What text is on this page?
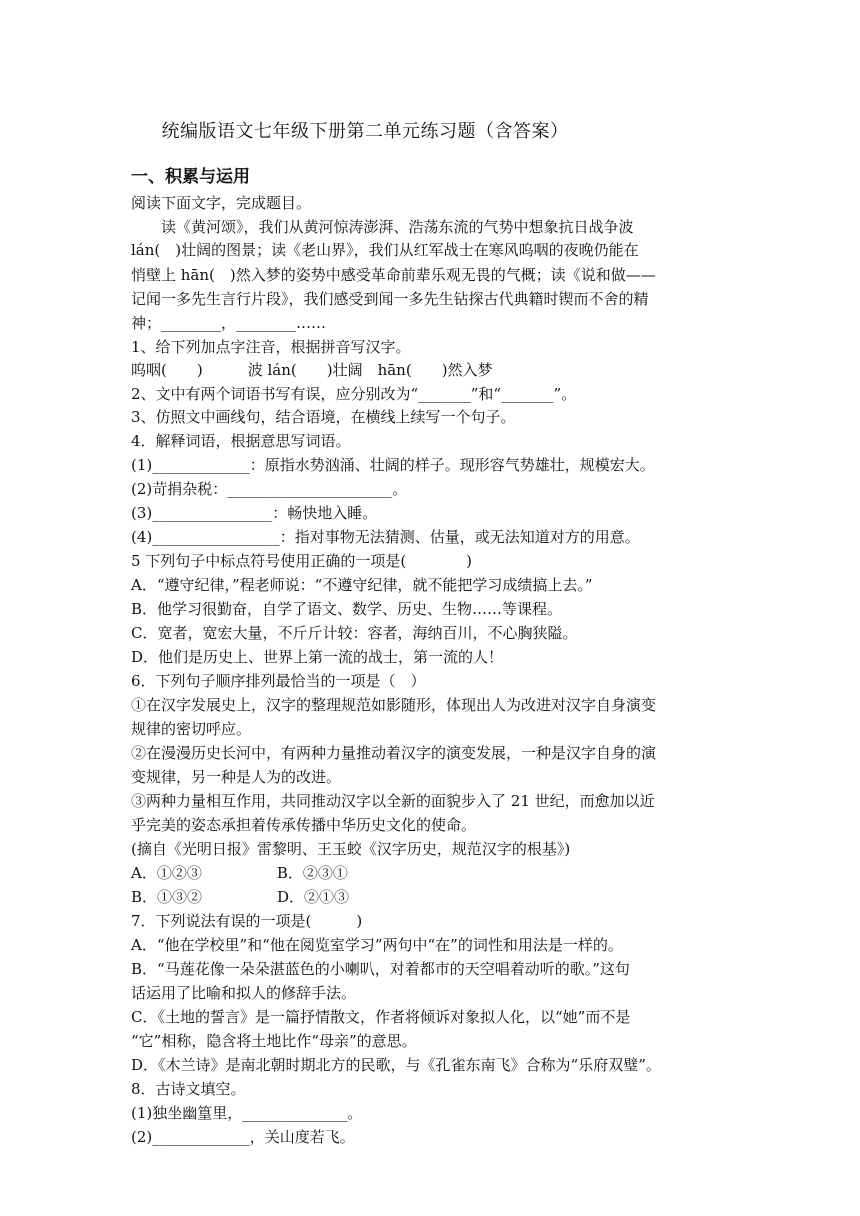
统编版语文七年级下册第二单元练习题（含答案）
一、积累与运用
阅读下面文字，完成题目。
读《黄河颂》，我们从黄河惊涛澎湃、浩荡东流的气势中想象抗日战争波
lán(　)壮阔的图景；读《老山界》，我们从红军战士在寒风呜咽的夜晚仍能在
悄壁上 hān(　)然入梦的姿势中感受革命前辈乐观无畏的气概；读《说和做——
记闻一多先生言行片段》，我们感受到闻一多先生钻探古代典籍时锲而不舍的精
神；________，________……
1、给下列加点字注音，根据拼音写汉字。
呜咽(　　)　　　波 lán(　　)壮阔　hān(　　)然入梦
2、文中有两个词语书写有误，应分别改为“_______”和“_______”。
3、仿照文中画线句，结合语境，在横线上续写一个句子。
4．解释词语，根据意思写词语。
(1)_____________：原指水势汹涌、壮阔的样子。现形容气势雄壮，规模宏大。
(2)苛捐杂税：______________________。
(3)________________：畅快地入睡。
(4)_________________：指对事物无法猜测、估量，或无法知道对方的用意。
5 下列句子中标点符号使用正确的一项是(　　　　)
A．“遵守纪律，”程老师说：“不遵守纪律，就不能把学习成绩搞上去。”
B．他学习很勤奋，自学了语文、数学、历史、生物……等课程。
C．宽者，宽宏大量，不斤斤计较：容者，海纳百川，不心胸狭隘。
D．他们是历史上、世界上第一流的战士，第一流的人！
6．下列句子顺序排列最恰当的一项是（　）
①在汉字发展史上，汉字的整理规范如影随形，体现出人为改进对汉字自身演变
规律的密切呼应。
②在漫漫历史长河中，有两种力量推动着汉字的演变发展，一种是汉字自身的演
变规律，另一种是人为的改进。
③两种力量相互作用，共同推动汉字以全新的面貌步入了 21 世纪，而愈加以近
乎完美的姿态承担着传承传播中华历史文化的使命。
(摘自《光明日报》雷黎明、王玉蛟《汉字历史，规范汉字的根基》)
A．①②③　　　　　B．②③①
B．①③②　　　　　D．②①③
7．下列说法有误的一项是(　　　)
A．“他在学校里”和“他在阅览室学习”两句中“在”的词性和用法是一样的。
B．“马莲花像一朵朵湛蓝色的小喇叭，对着都市的天空唱着动听的歌。”这句
话运用了比喻和拟人的修辞手法。
C．《土地的誓言》是一篇抒情散文，作者将倾诉对象拟人化，以“她”而不是
“它”相称，隐含将土地比作“母亲”的意思。
D．《木兰诗》是南北朝时期北方的民歌，与《孔雀东南飞》合称为“乐府双璧”。
8．古诗文填空。
(1)独坐幽篁里，______________。
(2)_____________，关山度若飞。
